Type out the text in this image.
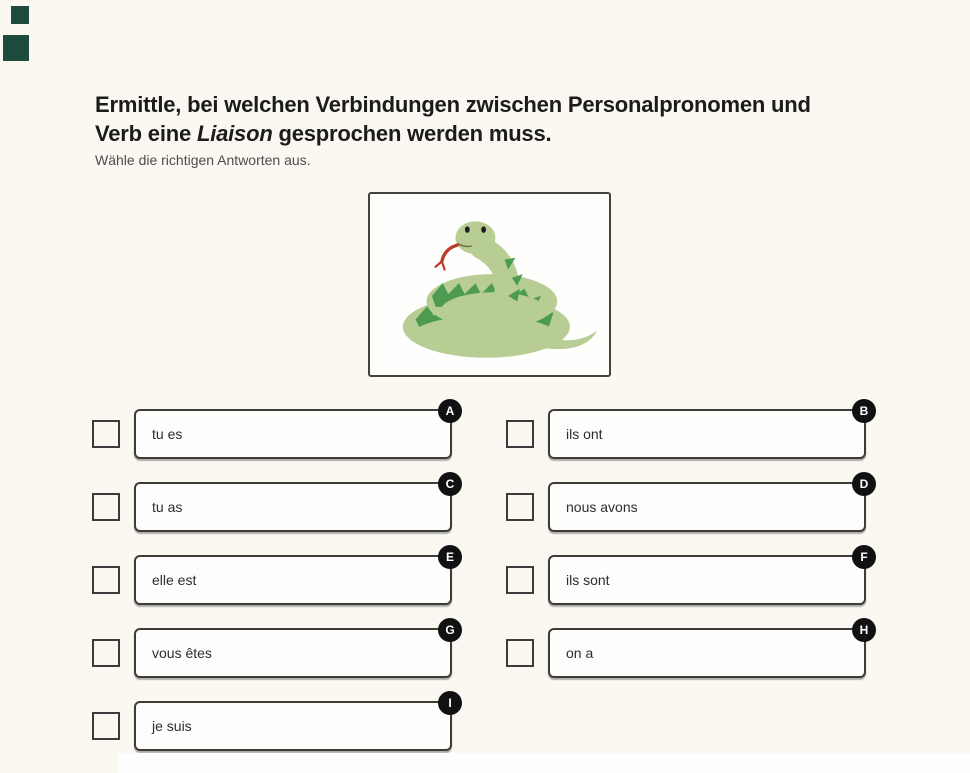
Ermittle, bei welchen Verbindungen zwischen Personalpronomen und
Verb eine Liaison gesprochen werden muss.
Wähle die richtigen Antworten aus.
A
tu es
B
ils ont
C
tu as
D
nous avons
E
elle est
F
ils sont
G
vous êtes
H
on a
I
je suis
